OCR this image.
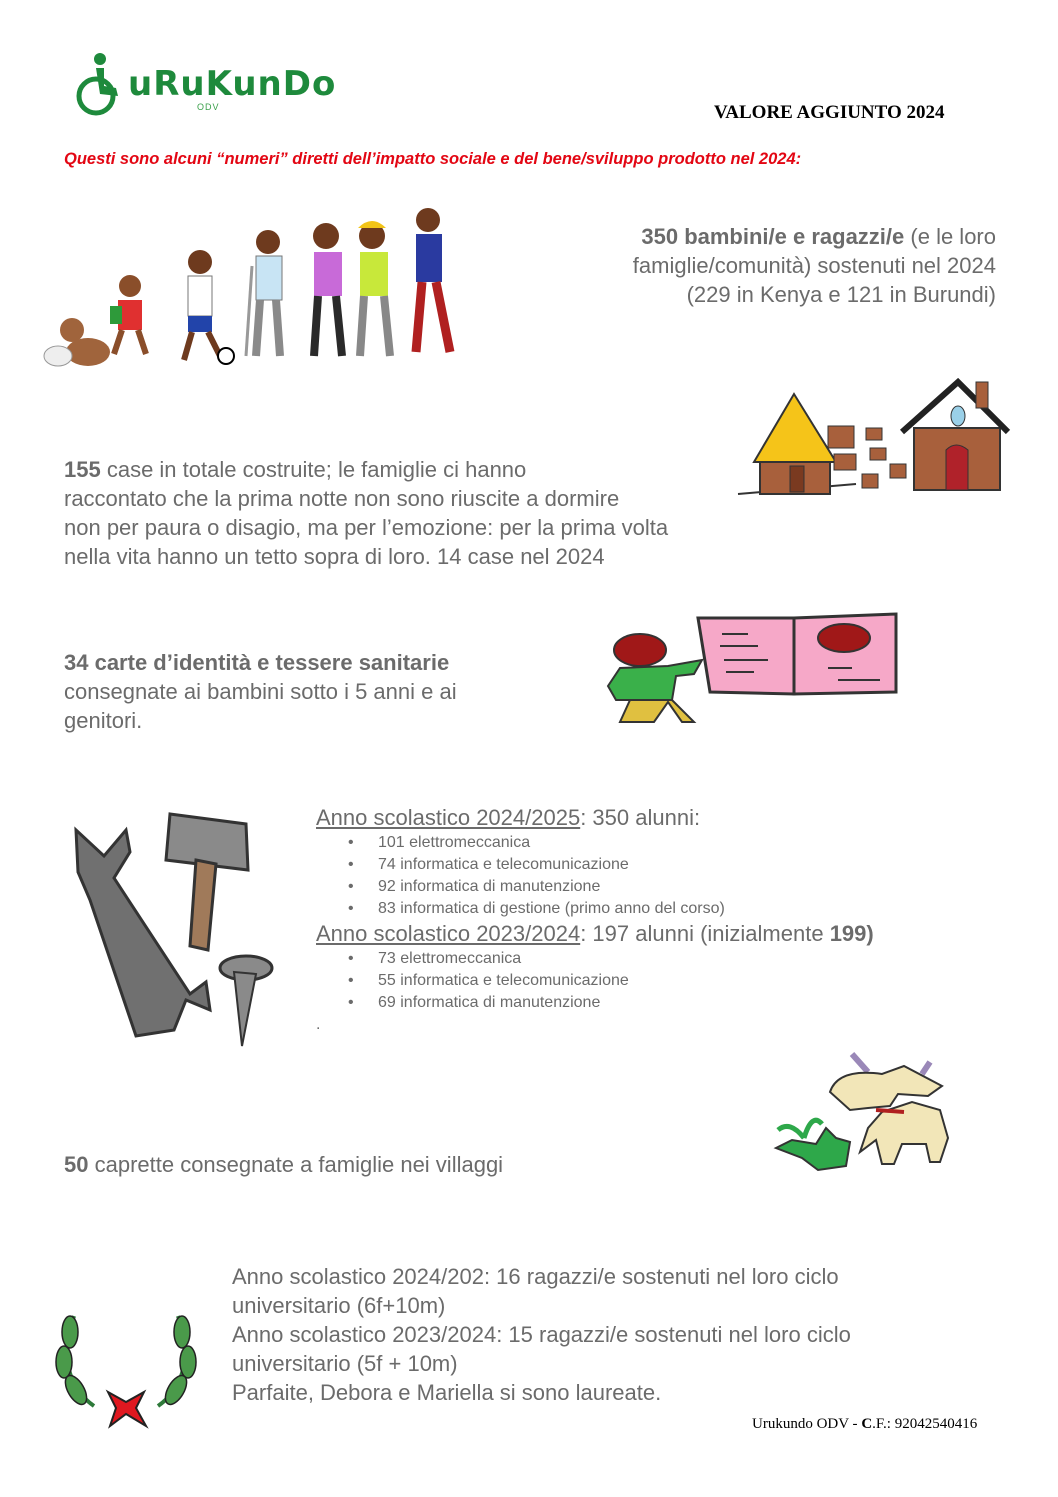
uRuKunDo
ODV	VALORE AGGIUNTO 2024
Questi sono alcuni “numeri” diretti dell’impatto sociale e del bene/sviluppo prodotto nel 2024:
350 bambini/e e ragazzi/e (e le loro
famiglie/comunità) sostenuti nel 2024
(229 in Kenya e 121 in Burundi)
155 case in totale costruite; le famiglie ci hanno
raccontato che la prima notte non sono riuscite a dormire
non per paura o disagio, ma per l’emozione: per la prima volta
nella vita hanno un tetto sopra di loro. 14 case nel 2024
34 carte d’identità e tessere sanitarie
consegnate ai bambini sotto i 5 anni e ai
genitori.
Anno scolastico 2024/2025: 350 alunni:
• 101 elettromeccanica
• 74 informatica e telecomunicazione
• 92 informatica di manutenzione
• 83 informatica di gestione (primo anno del corso)
Anno scolastico 2023/2024: 197 alunni (inizialmente 199)
• 73 elettromeccanica
• 55 informatica e telecomunicazione
• 69 informatica di manutenzione
.
50 caprette consegnate a famiglie nei villaggi
Anno scolastico 2024/202: 16 ragazzi/e sostenuti nel loro ciclo
universitario (6f+10m)
Anno scolastico 2023/2024: 15 ragazzi/e sostenuti nel loro ciclo
universitario (5f + 10m)
Parfaite, Debora e Mariella si sono laureate.
Urukundo ODV - C.F.: 92042540416
